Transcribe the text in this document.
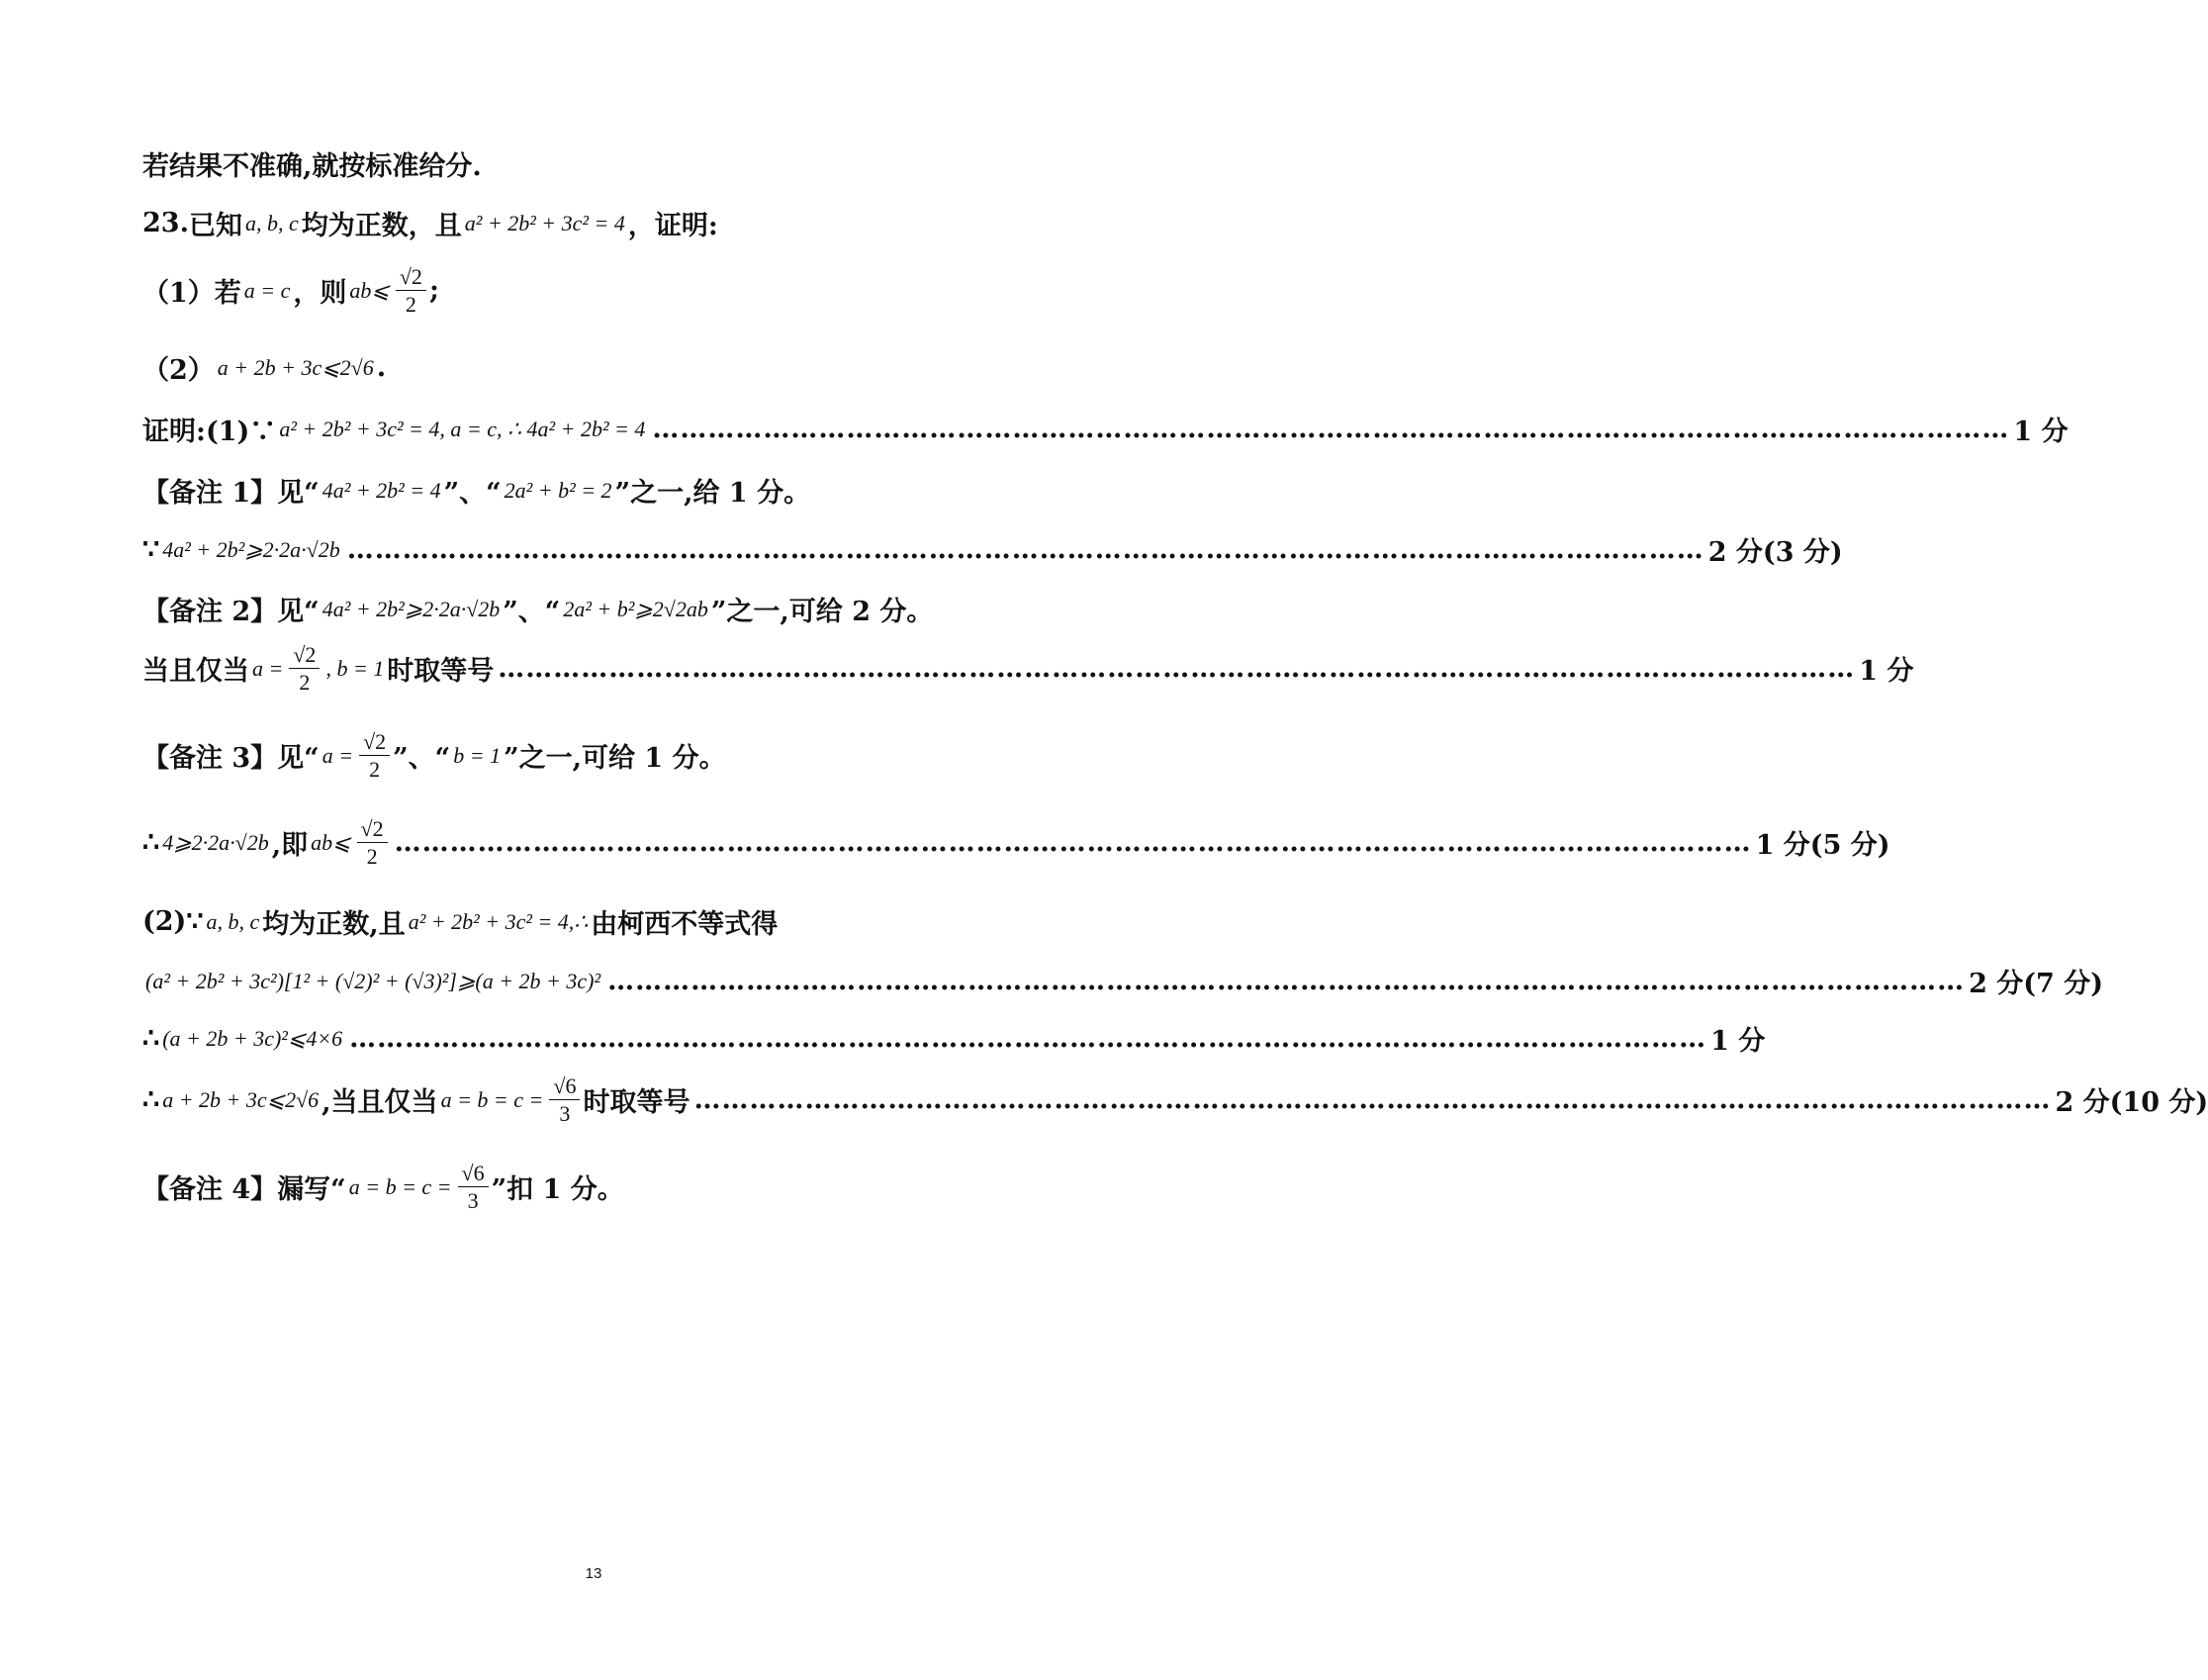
若结果不准确,就按标准给分.
23. 已知 a, b, c 均为正数，且 a² + 2b² + 3c² = 4 ，证明:
（1）若 a = c ，则 ab⩽ $\frac{√2}{2}$ ;
（2） a + 2b + 3c⩽2√6 .
证明:(1)∵ a² + 2b² + 3c² = 4, a = c, ∴ 4a² + 2b² = 4 ………………………………………………………………………………………………………………………………… 1 分
【备注 1】见“ 4a² + 2b² = 4 ”、“ 2a² + b² = 2 ”之一,给 1 分。
∵ 4a² + 2b²⩾2·2a·√2b ………………………………………………………………………………………………………………………………… 2 分(3 分)
【备注 2】见“ 4a² + 2b²⩾2·2a·√2b ”、“ 2a² + b²⩾2√2ab ”之一,可给 2 分。
当且仅当 $a = \frac{√2}{2}$ , b = 1 时取等号 ………………………………………………………………………………………………………………………………… 1 分
【备注 3】见“ $a = \frac{√2}{2}$ ”、“ b = 1 ”之一,可给 1 分。
∴ 4⩾2·2a·√2b ,即 ab⩽ $\frac{√2}{2}$ ………………………………………………………………………………………………………………………………… 1 分(5 分)
(2)∵ a, b, c 均为正数,且 a² + 2b² + 3c² = 4,∴ 由柯西不等式得
(a² + 2b² + 3c²)[1² + (√2)² + (√3)²]⩾(a + 2b + 3c)² ………………………………………………………………………………………………………………………………… 2 分(7 分)
∴ (a + 2b + 3c)²⩽4×6 ………………………………………………………………………………………………………………………………… 1 分
∴ a + 2b + 3c⩽2√6 ,当且仅当 $a = b = c = \frac{√6}{3}$ 时取等号 ………………………………………………………………………………………………………………………………… 2 分(10 分)
【备注 4】漏写“ $a = b = c = \frac{√6}{3}$ ”扣 1 分。
13
